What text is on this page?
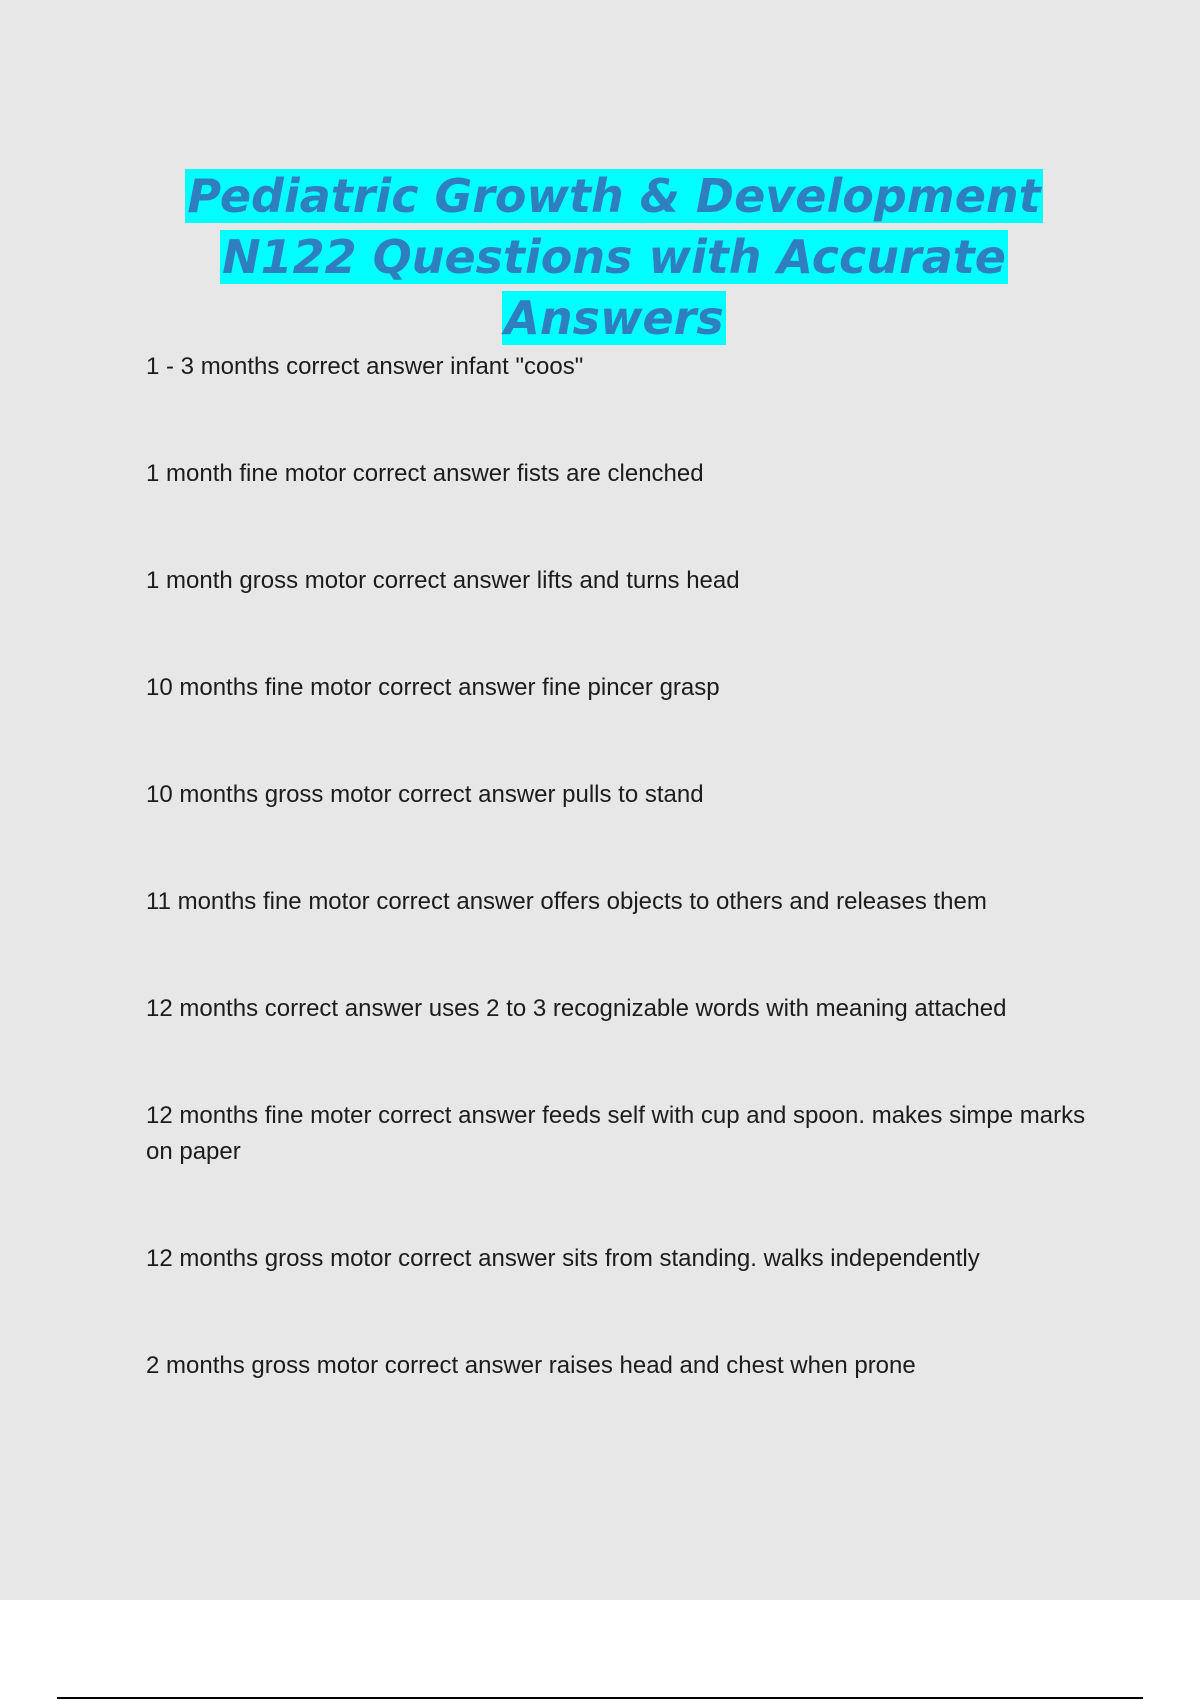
Pediatric Growth & Development N122 Questions with Accurate Answers
1 - 3 months correct answer infant "coos"
1 month fine motor correct answer fists are clenched
1 month gross motor correct answer lifts and turns head
10 months fine motor correct answer fine pincer grasp
10 months gross motor correct answer pulls to stand
11 months fine motor correct answer offers objects to others and releases them
12 months correct answer uses 2 to 3 recognizable words with meaning attached
12 months fine moter correct answer feeds self with cup and spoon. makes simpe marks on paper
12 months gross motor correct answer sits from standing. walks independently
2 months gross motor correct answer raises head and chest when prone
